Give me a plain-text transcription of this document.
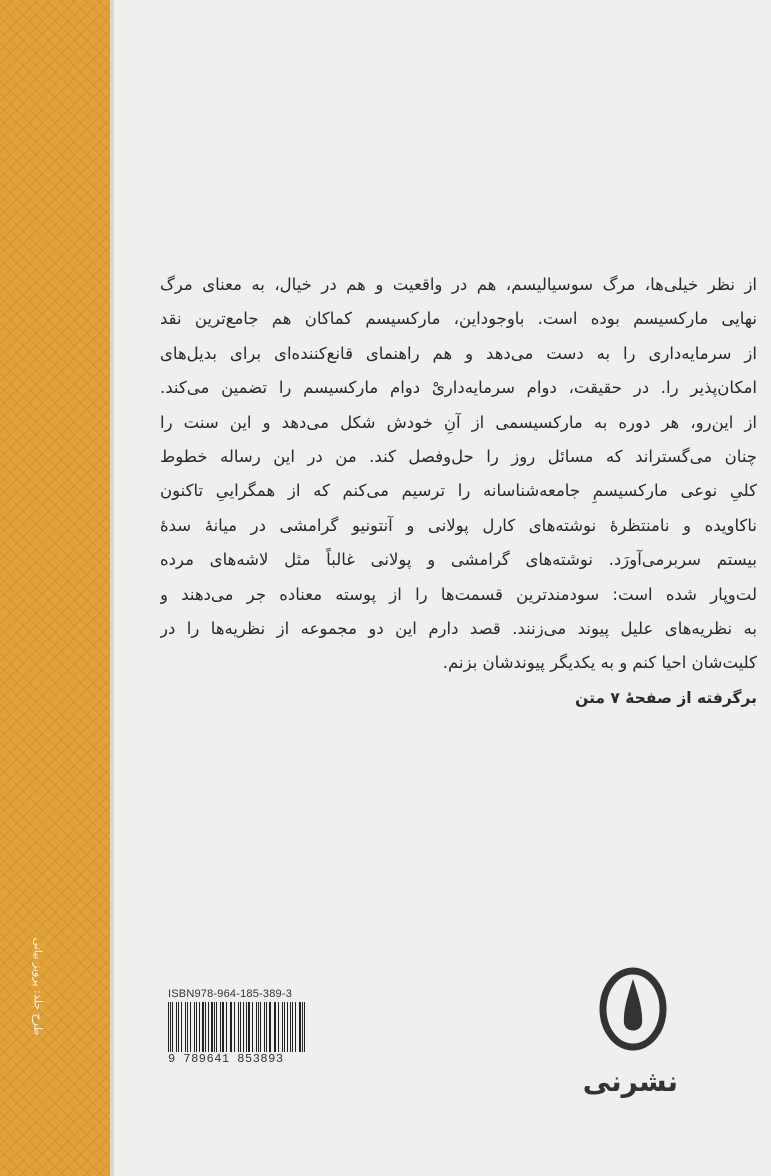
طرح جلد: پرویز بیانی
از نظر خیلی‌ها، مرگ سوسیالیسم، هم در واقعیت و هم در خیال، به معنای مرگ
نهایی مارکسیسم بوده است. باوجوداین، مارکسیسم کماکان هم جامع‌ترین نقد
از سرمایه‌داری را به دست می‌دهد و هم راهنمای قانع‌کننده‌ای برای بدیل‌های
امکان‌پذیر را. در حقیقت، دوام سرمایه‌داریْ دوام مارکسیسم را تضمین می‌کند.
از این‌رو، هر دوره به مارکسیسمی از آنِ خودش شکل می‌دهد و این سنت را
چنان می‌گستراند که مسائل روز را حل‌وفصل کند. من در این رساله خطوط
کلیِ نوعی مارکسیسمِ جامعه‌شناسانه را ترسیم می‌کنم که از همگراییِ تاکنون
ناکاویده و نامنتظرهٔ نوشته‌های کارل پولانی و آنتونیو گرامشی در میانهٔ سدهٔ
بیستم سربرمی‌آورَد. نوشته‌های گرامشی و پولانی غالباً مثل لاشه‌های مرده
لت‌وپار شده است: سودمندترین قسمت‌ها را از پوسته معناده جر می‌دهند و
به نظریه‌های علیل پیوند می‌زنند. قصد دارم این دو مجموعه از نظریه‌ها را در
کلیت‌شان احیا کنم و به یکدیگر پیوندشان بزنم.
برگرفته از صفحهٔ ۷ متن
ISBN978-964-185-389-3
9 789641 853893
نشرنی
